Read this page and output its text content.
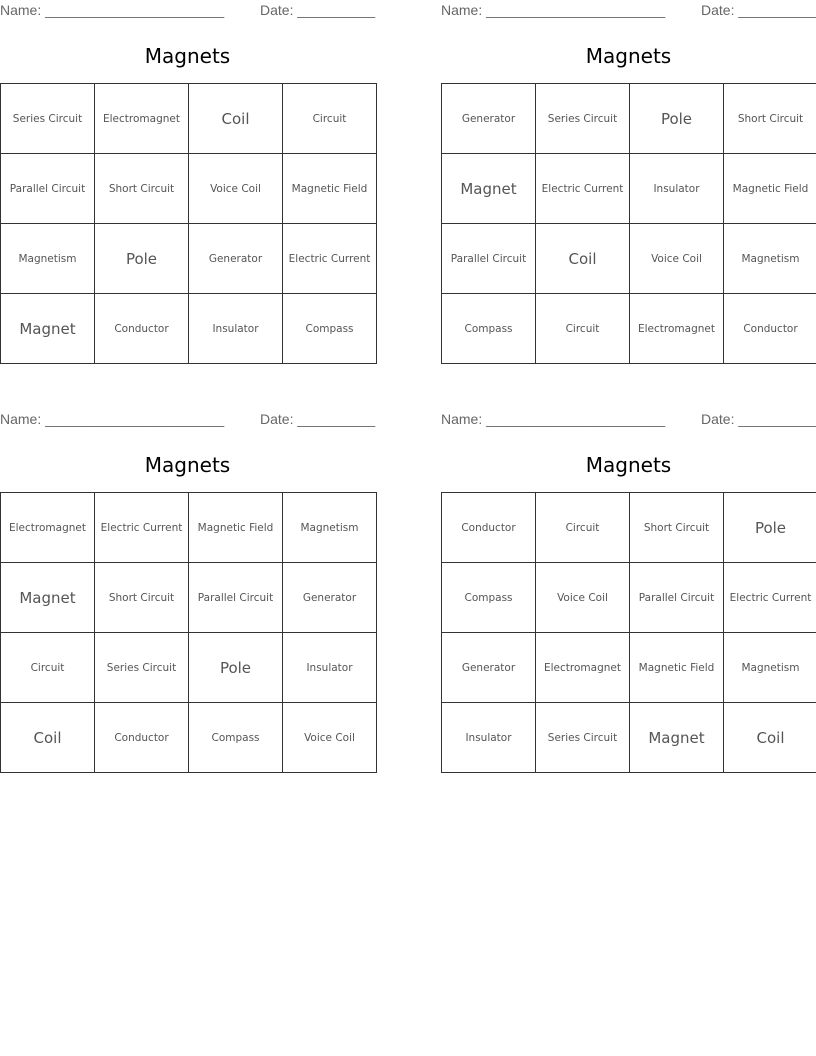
Name: _______________________	Date: __________
Magnets
Series Circuit	Electromagnet	Coil	Circuit
Parallel Circuit	Short Circuit	Voice Coil	Magnetic Field
Magnetism	Pole	Generator	Electric Current
Magnet	Conductor	Insulator	Compass
Name: _______________________	Date: __________
Magnets
Generator	Series Circuit	Pole	Short Circuit
Magnet	Electric Current	Insulator	Magnetic Field
Parallel Circuit	Coil	Voice Coil	Magnetism
Compass	Circuit	Electromagnet	Conductor
Name: _______________________	Date: __________
Magnets
Electromagnet	Electric Current	Magnetic Field	Magnetism
Magnet	Short Circuit	Parallel Circuit	Generator
Circuit	Series Circuit	Pole	Insulator
Coil	Conductor	Compass	Voice Coil
Name: _______________________	Date: __________
Magnets
Conductor	Circuit	Short Circuit	Pole
Compass	Voice Coil	Parallel Circuit	Electric Current
Generator	Electromagnet	Magnetic Field	Magnetism
Insulator	Series Circuit	Magnet	Coil
